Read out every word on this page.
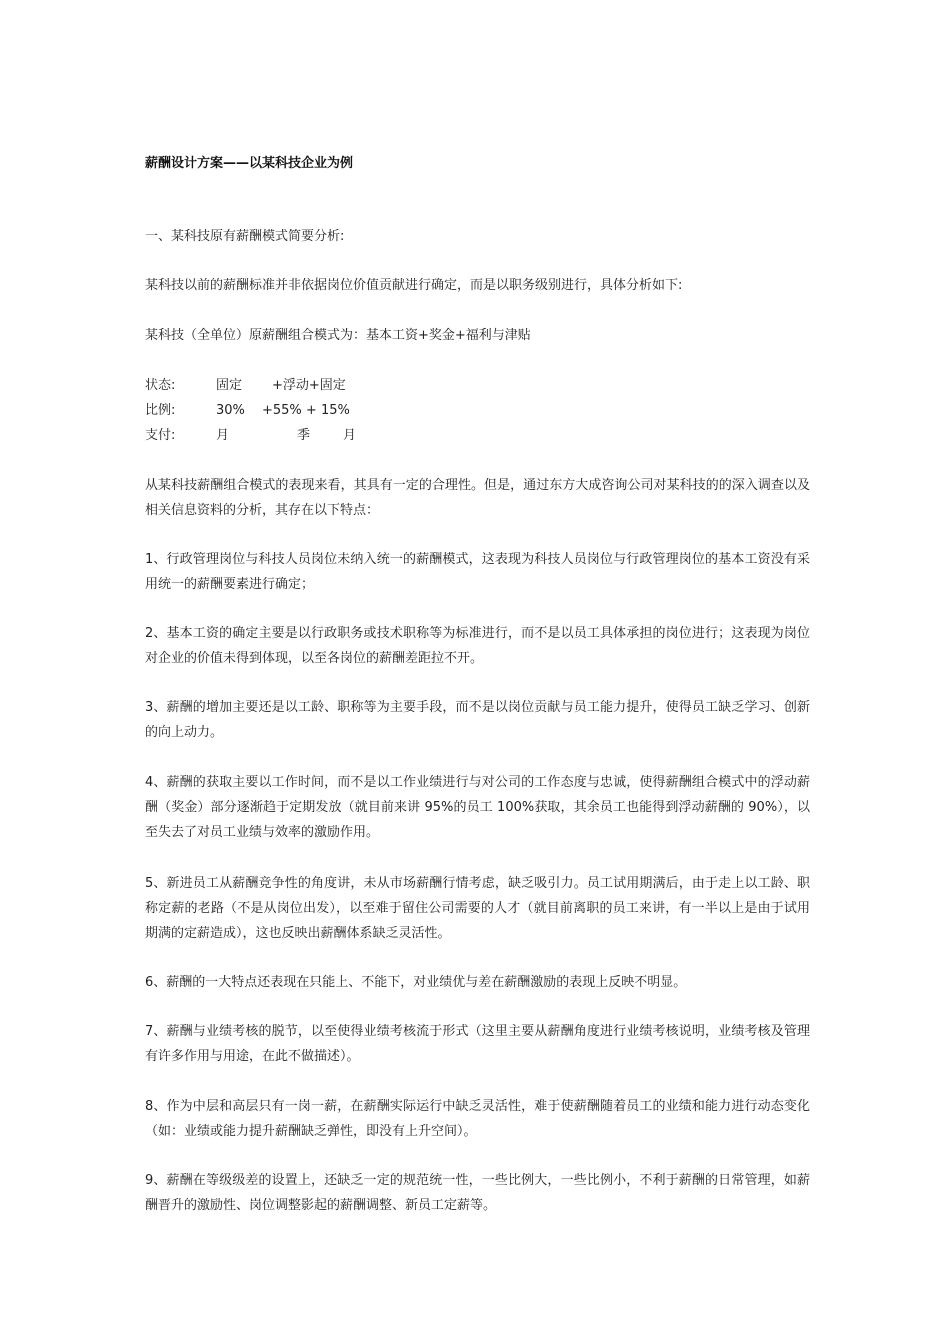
薪酬设计方案——以某科技企业为例

一、某科技原有薪酬模式简要分析:

某科技以前的薪酬标准并非依据岗位价值贡献进行确定，而是以职务级别进行，具体分析如下:

某科技（全单位）原薪酬组合模式为：基本工资+奖金+福利与津贴

状态:	固定 +浮动+固定
比例:	30% +55% + 15%
支付:	月	季	月

从某科技薪酬组合模式的表现来看，其具有一定的合理性。但是，通过东方大成咨询公司对某科技的的深入调查以及相关信息资料的分析，其存在以下特点：

1、行政管理岗位与科技人员岗位未纳入统一的薪酬模式，这表现为科技人员岗位与行政管理岗位的基本工资没有采用统一的薪酬要素进行确定；

2、基本工资的确定主要是以行政职务或技术职称等为标准进行，而不是以员工具体承担的岗位进行；这表现为岗位对企业的价值未得到体现，以至各岗位的薪酬差距拉不开。

3、薪酬的增加主要还是以工龄、职称等为主要手段，而不是以岗位贡献与员工能力提升，使得员工缺乏学习、创新的向上动力。

4、薪酬的获取主要以工作时间，而不是以工作业绩进行与对公司的工作态度与忠诚，使得薪酬组合模式中的浮动薪酬（奖金）部分逐渐趋于定期发放（就目前来讲 95%的员工 100%获取，其余员工也能得到浮动薪酬的 90%），以至失去了对员工业绩与效率的激励作用。

5、新进员工从薪酬竞争性的角度讲，未从市场薪酬行情考虑，缺乏吸引力。员工试用期满后，由于走上以工龄、职称定薪的老路（不是从岗位出发），以至难于留住公司需要的人才（就目前离职的员工来讲，有一半以上是由于试用期满的定薪造成），这也反映出薪酬体系缺乏灵活性。

6、薪酬的一大特点还表现在只能上、不能下，对业绩优与差在薪酬激励的表现上反映不明显。

7、薪酬与业绩考核的脱节，以至使得业绩考核流于形式（这里主要从薪酬角度进行业绩考核说明，业绩考核及管理有许多作用与用途，在此不做描述）。

8、作为中层和高层只有一岗一薪，在薪酬实际运行中缺乏灵活性，难于使薪酬随着员工的业绩和能力进行动态变化（如：业绩或能力提升薪酬缺乏弹性，即没有上升空间）。

9、薪酬在等级级差的设置上，还缺乏一定的规范统一性，一些比例大，一些比例小，不利于薪酬的日常管理，如薪酬晋升的激励性、岗位调整影起的薪酬调整、新员工定薪等。
